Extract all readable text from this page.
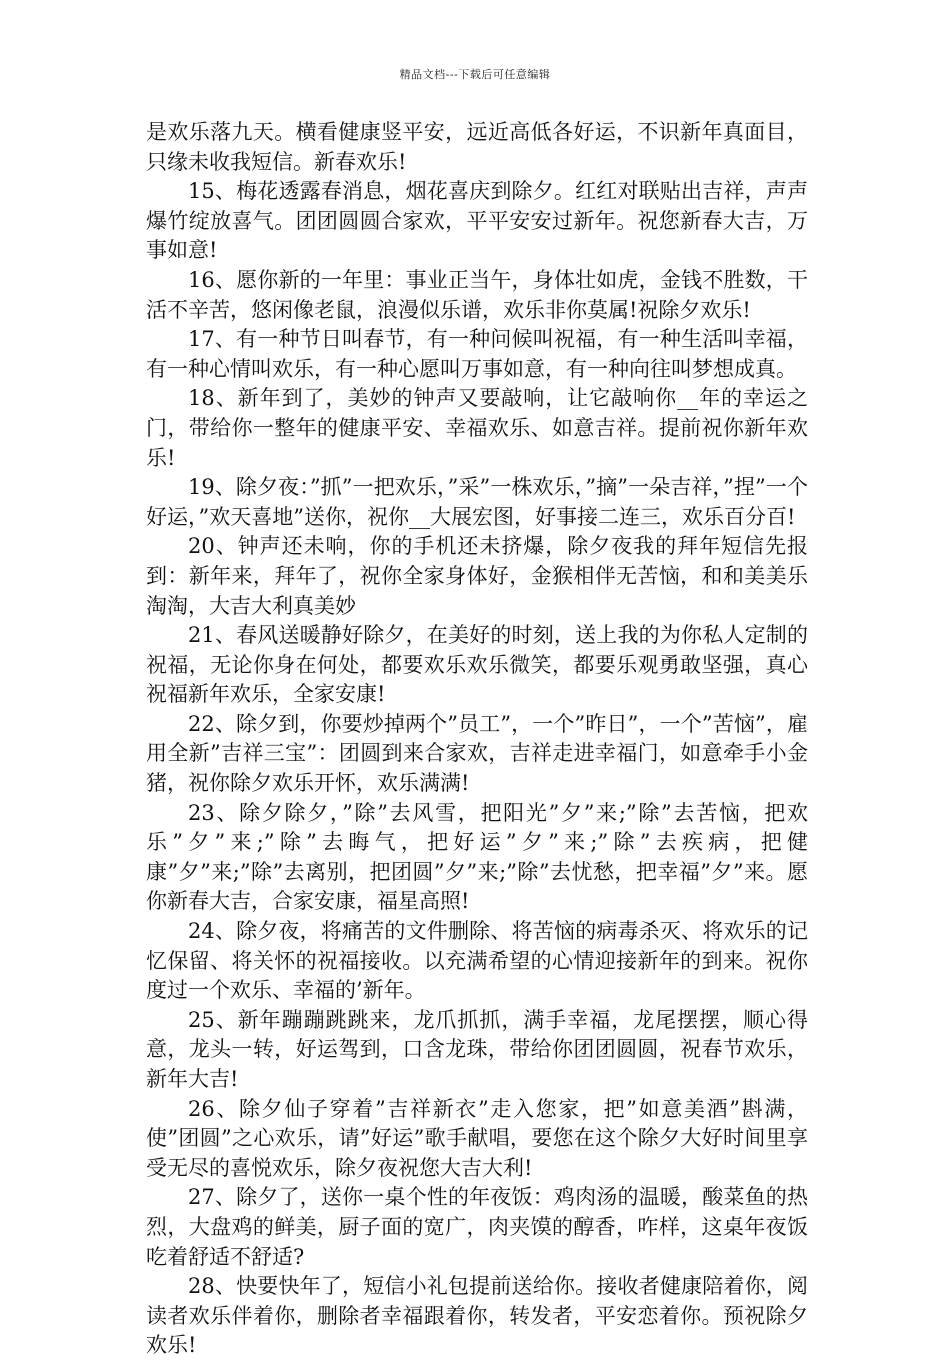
精品文档---下载后可任意编辑

是欢乐落九天。横看健康竖平安，远近高低各好运，不识新年真面目，只缘未收我短信。新春欢乐!

15、梅花透露春消息，烟花喜庆到除夕。红红对联贴出吉祥，声声爆竹绽放喜气。团团圆圆合家欢，平平安安过新年。祝您新春大吉，万事如意!

16、愿你新的一年里：事业正当午，身体壮如虎，金钱不胜数，干活不辛苦，悠闲像老鼠，浪漫似乐谱，欢乐非你莫属!祝除夕欢乐!

17、有一种节日叫春节，有一种问候叫祝福，有一种生活叫幸福，有一种心情叫欢乐，有一种心愿叫万事如意，有一种向往叫梦想成真。

18、新年到了，美妙的钟声又要敲响，让它敲响你__年的幸运之门，带给你一整年的健康平安、幸福欢乐、如意吉祥。提前祝你新年欢乐!

19、除夕夜：”抓”一把欢乐，”采”一株欢乐，”摘”一朵吉祥，”捏”一个好运，”欢天喜地”送你，祝你__大展宏图，好事接二连三，欢乐百分百!

20、钟声还未响，你的手机还未挤爆，除夕夜我的拜年短信先报到：新年来，拜年了，祝你全家身体好，金猴相伴无苦恼，和和美美乐淘淘，大吉大利真美妙

21、春风送暖静好除夕，在美好的时刻，送上我的为你私人定制的祝福，无论你身在何处，都要欢乐欢乐微笑，都要乐观勇敢坚强，真心祝福新年欢乐，全家安康!

22、除夕到，你要炒掉两个”员工”，一个”昨日”，一个”苦恼”，雇用全新”吉祥三宝”：团圆到来合家欢，吉祥走进幸福门，如意牵手小金猪，祝你除夕欢乐开怀，欢乐满满!

23、除夕除夕，”除”去风雪，把阳光”夕”来;”除”去苦恼，把欢乐”夕”来;”除”去晦气，把好运”夕”来;”除”去疾病，把健康”夕”来;”除”去离别，把团圆”夕”来;”除”去忧愁，把幸福”夕”来。愿你新春大吉，合家安康，福星高照!

24、除夕夜，将痛苦的文件删除、将苦恼的病毒杀灭、将欢乐的记忆保留、将关怀的祝福接收。以充满希望的心情迎接新年的到来。祝你度过一个欢乐、幸福的’新年。

25、新年蹦蹦跳跳来，龙爪抓抓，满手幸福，龙尾摆摆，顺心得意，龙头一转，好运驾到，口含龙珠，带给你团团圆圆，祝春节欢乐，新年大吉!

26、除夕仙子穿着”吉祥新衣”走入您家，把”如意美酒”斟满，使”团圆”之心欢乐，请”好运”歌手献唱，要您在这个除夕大好时间里享受无尽的喜悦欢乐，除夕夜祝您大吉大利!

27、除夕了，送你一桌个性的年夜饭：鸡肉汤的温暖，酸菜鱼的热烈，大盘鸡的鲜美，厨子面的宽广，肉夹馍的醇香，咋样，这桌年夜饭吃着舒适不舒适?

28、快要快年了，短信小礼包提前送给你。接收者健康陪着你，阅读者欢乐伴着你，删除者幸福跟着你，转发者，平安恋着你。预祝除夕欢乐!
